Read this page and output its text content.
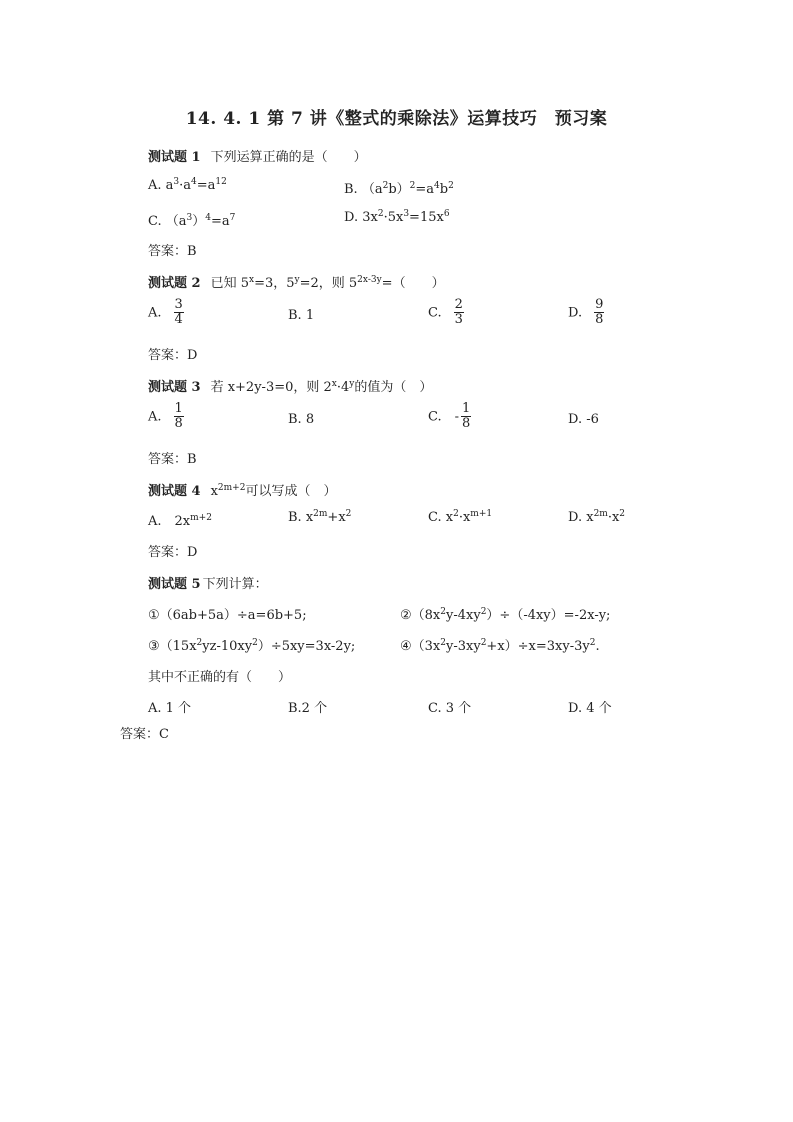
14. 4. 1 第 7 讲《整式的乘除法》运算技巧　预习案
测试题 1 下列运算正确的是（　　）
A. $a^3\cdot a^4=a^{12}$	B. $(a^2b)^2=a^4b^2$
C. $(a^3)^4=a^7$	D. $3x^2\cdot 5x^3=15x^6$
答案：B
测试题 2 已知 $5^x=3$，$5^y=2$，则 $5^{2x-3y}=$（　　）
A. $\frac{3}{4}$	B. 1	C. $\frac{2}{3}$	D. $\frac{9}{8}$
答案：D
测试题 3 若 x+2y-3=0，则 $2^x\cdot 4^y$的值为（　）
A. $\frac{1}{8}$	B. 8	C.　- $\frac{1}{8}$	D. -6
答案：B
测试题 4 $x^{2m+2}$可以写成（　）
A.　$2x^{m+2}$	B. $x^{2m}+x^2$	C. $x^2\cdot x^{m+1}$	D. $x^{2m}\cdot x^2$
答案：D
测试题 5 下列计算：
①（6ab+5a）÷a=6b+5;	$②(8x^2y-4xy^2)\div(-4xy)=-2x-y$;
$③(15x^2yz-10xy^2)\div 5xy=3x-2y$;	$④(3x^2y-3xy^2+x)\div x=3xy-3y^2$.
其中不正确的有（　　）
A. 1 个	B.2 个	C. 3 个	D. 4 个
答案：C
